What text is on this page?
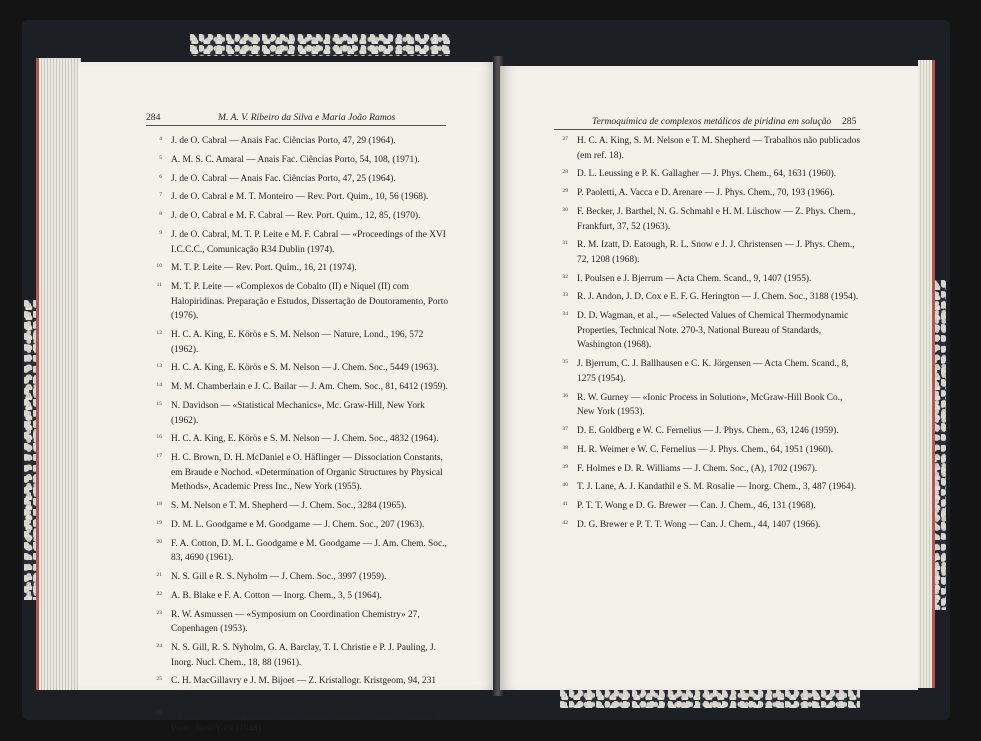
284	M. A. V. Ribeiro da Silva e Maria João Ramos
4 J. de O. Cabral — Anais Fac. Ciências Porto, 47, 29 (1964).
5 A. M. S. C. Amaral — Anais Fac. Ciências Porto, 54, 108, (1971).
6 J. de O. Cabral — Anais Fac. Ciências Porto, 47, 25 (1964).
7 J. de O. Cabral e M. T. Monteiro — Rev. Port. Quim., 10, 56 (1968).
8 J. de O. Cabral e M. F. Cabral — Rev. Port. Quim., 12, 85, (1970).
9 J. de O. Cabral, M. T. P. Leite e M. F. Cabral — «Proceedings of the XVI I.C.C.C., Comunicação R34 Dublin (1974).
10 M. T. P. Leite — Rev. Port. Quim., 16, 21 (1974).
11 M. T. P. Leite — «Complexos de Cobalto (II) e Níquel (II) com Halopiridinas. Preparação e Estudos, Dissertação de Doutoramento, Porto (1976).
12 H. C. A. King, E. Körös e S. M. Nelson — Nature, Lond., 196, 572 (1962).
13 H. C. A. King, E. Körös e S. M. Nelson — J. Chem. Soc., 5449 (1963).
14 M. M. Chamberlain e J. C. Bailar — J. Am. Chem. Soc., 81, 6412 (1959).
15 N. Davidson — «Statistical Mechanics», Mc. Graw-Hill, New York (1962).
16 H. C. A. King, E. Körös e S. M. Nelson — J. Chem. Soc., 4832 (1964).
17 H. C. Brown, D. H. McDaniel e O. Häflinger — Dissociation Constants, em Braude e Nochod. «Determination of Organic Structures by Physical Methods», Academic Press Inc., New York (1955).
18 S. M. Nelson e T. M. Shepherd — J. Chem. Soc., 3284 (1965).
19 D. M. L. Goodgame e M. Goodgame — J. Chem. Soc., 207 (1963).
20 F. A. Cotton, D. M. L. Goodgame e M. Goodgame — J. Am. Chem. Soc., 83, 4690 (1961).
21 N. S. Gill e R. S. Nyholm — J. Chem. Soc., 3997 (1959).
22 A. B. Blake e F. A. Cotton — Inorg. Chem., 3, 5 (1964).
23 R. W. Asmussen — «Symposium on Coordination Chemistry» 27, Copenhagen (1953).
24 N. S. Gill, R. S. Nyholm, G. A. Barclay, T. I. Christie e P. J. Pauling, J. Inorg. Nucl. Chem., 18, 88 (1961).
25 C. H. MacGillavry e J. M. Bijoet — Z. Kristallogr. Kristgeom, 94, 231 (1936).
26 L. Pauling — «The Nature of the Chemical Bond», Cornell University Press, New York (1948).
Termoquímica de complexos metálicos de piridina em solução 285
27 H. C. A. King, S. M. Nelson e T. M. Shepherd — Trabalhos não publicados (em ref. 18).
28 D. L. Leussing e P. K. Gallagher — J. Phys. Chem., 64, 1631 (1960).
29 P. Paoletti, A. Vacca e D. Arenare — J. Phys. Chem., 70, 193 (1966).
30 F. Becker, J. Barthel, N. G. Schmahl e H. M. Lüschow — Z. Phys. Chem., Frankfurt, 37, 52 (1963).
31 R. M. Izatt, D. Eatough, R. L. Snow e J. J. Christensen — J. Phys. Chem., 72, 1208 (1968).
32 I. Poulsen e J. Bjerrum — Acta Chem. Scand., 9, 1407 (1955).
33 R. J. Andon, J. D. Cox e E. F. G. Herington — J. Chem. Soc., 3188 (1954).
34 D. D. Wagman, et al., — «Selected Values of Chemical Thermodynamic Properties, Technical Note. 270-3, National Bureau of Standards, Washington (1968).
35 J. Bjerrum, C. J. Ballhausen e C. K. Jörgensen — Acta Chem. Scand., 8, 1275 (1954).
36 R. W. Gurney — «Ionic Process in Solution», McGraw-Hill Book Co., New York (1953).
37 D. E. Goldberg e W. C. Fernelius — J. Phys. Chem., 63, 1246 (1959).
38 H. R. Weimer e W. C. Fernelius — J. Phys. Chem., 64, 1951 (1960).
39 F. Holmes e D. R. Williams — J. Chem. Soc., (A), 1702 (1967).
40 T. J. Lane, A. J. Kandathil e S. M. Rosalie — Inorg. Chem., 3, 487 (1964).
41 P. T. T. Wong e D. G. Brewer — Can. J. Chem., 46, 131 (1968).
42 D. G. Brewer e P. T. T. Wong — Can. J. Chem., 44, 1407 (1966).
